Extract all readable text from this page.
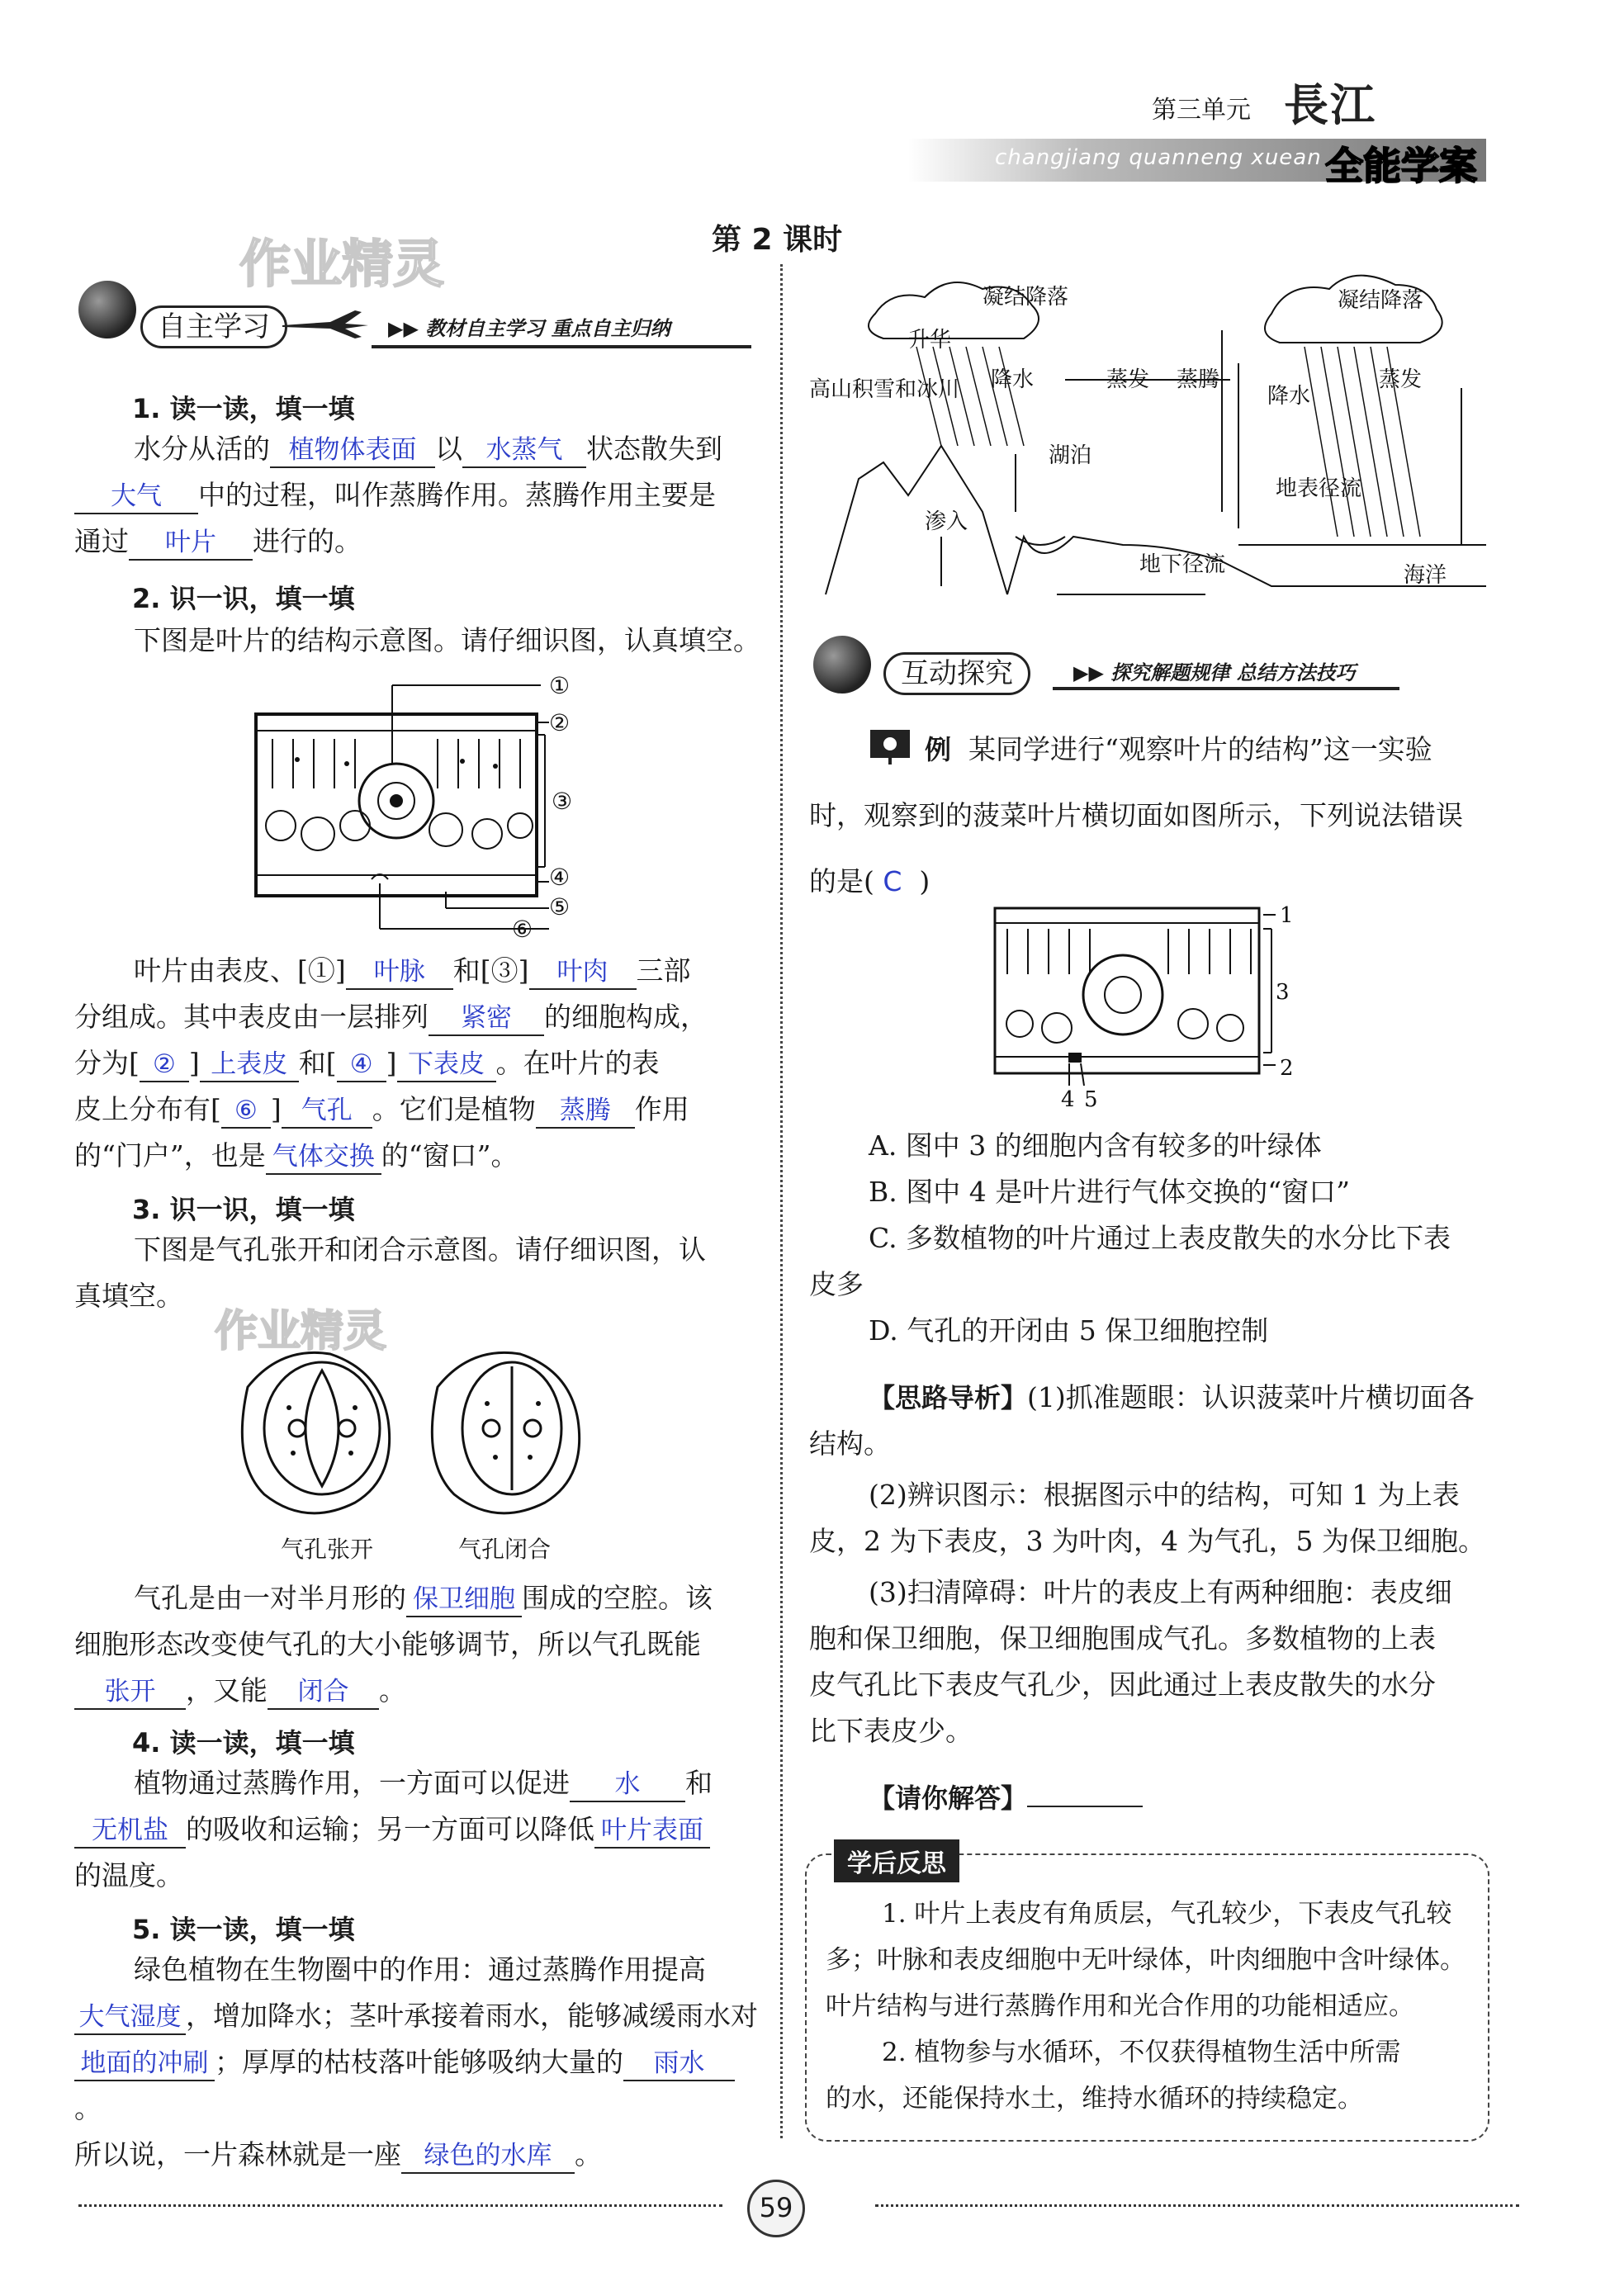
第三单元
changjiang quanneng xuean
長江
全能学案
作业精灵	第 2 课时
自主学习	▶▶ 教材自主学习 重点自主归纳
1. 读一读，填一填
水分从活的 植物体表面 以 水蒸气 状态散失到
大气 中的过程，叫作蒸腾作用。蒸腾作用主要是
通过 叶片 进行的。
2. 识一识，填一填
下图是叶片的结构示意图。请仔细识图，认真填空。
①
②
③
④
⑤
⑥
叶片由表皮、[①] 叶脉 和[③] 叶肉 三部
分组成。其中表皮由一层排列 紧密 的细胞构成，
分为[ ② ] 上表皮 和[ ④ ] 下表皮 。在叶片的表
皮上分布有[ ⑥ ] 气孔 。它们是植物 蒸腾 作用
的“门户”，也是 气体交换 的“窗口”。
3. 识一识，填一填
下图是气孔张开和闭合示意图。请仔细识图，认
真填空。
作业精灵
气孔张开	气孔闭合
气孔是由一对半月形的 保卫细胞 围成的空腔。该
细胞形态改变使气孔的大小能够调节，所以气孔既能
张开 ，又能 闭合 。
4. 读一读，填一填
植物通过蒸腾作用，一方面可以促进 水 和
无机盐 的吸收和运输；另一方面可以降低 叶片表面
的温度。
5. 读一读，填一填
绿色植物在生物圈中的作用：通过蒸腾作用提高
大气湿度 ，增加降水；茎叶承接着雨水，能够减缓雨水对
地面的冲刷 ；厚厚的枯枝落叶能够吸纳大量的 雨水。
所以说，一片森林就是一座 绿色的水库 。
凝结降落	凝结降落
升华
降水	蒸发 蒸腾
降水
蒸发
高山积雪和冰川
湖泊
地表径流
渗入
地下径流	海洋
互动探究	▶▶ 探究解题规律 总结方法技巧
例 某同学进行“观察叶片的结构”这一实验
时，观察到的菠菜叶片横切面如图所示，下列说法错误
的是( C )
1
3
2
4 5
A. 图中 3 的细胞内含有较多的叶绿体
B. 图中 4 是叶片进行气体交换的“窗口”
C. 多数植物的叶片通过上表皮散失的水分比下表
皮多
D. 气孔的开闭由 5 保卫细胞控制
【思路导析】(1)抓准题眼：认识菠菜叶片横切面各
结构。
(2)辨识图示：根据图示中的结构，可知 1 为上表
皮，2 为下表皮，3 为叶肉，4 为气孔，5 为保卫细胞。
(3)扫清障碍：叶片的表皮上有两种细胞：表皮细
胞和保卫细胞，保卫细胞围成气孔。多数植物的上表
皮气孔比下表皮气孔少，因此通过上表皮散失的水分
比下表皮少。
【请你解答】
学后反思
1. 叶片上表皮有角质层，气孔较少，下表皮气孔较
多；叶脉和表皮细胞中无叶绿体，叶肉细胞中含叶绿体。
叶片结构与进行蒸腾作用和光合作用的功能相适应。
2. 植物参与水循环，不仅获得植物生活中所需
的水，还能保持水土，维持水循环的持续稳定。
59
